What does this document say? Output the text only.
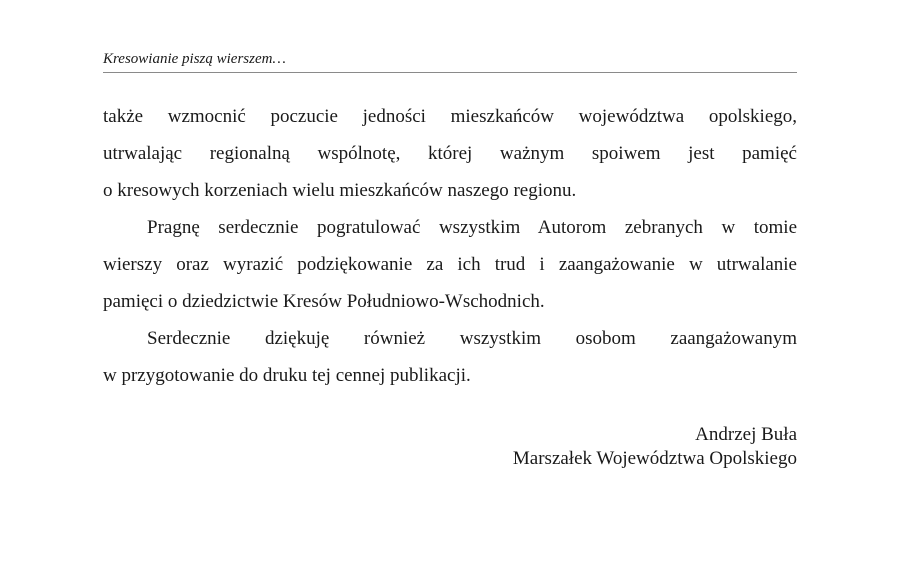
Kresowianie piszą wierszem…
także wzmocnić poczucie jedności mieszkańców województwa opolskiego,
utrwalając regionalną wspólnotę, której ważnym spoiwem jest pamięć
o kresowych korzeniach wielu mieszkańców naszego regionu.
Pragnę serdecznie pogratulować wszystkim Autorom zebranych w tomie
wierszy oraz wyrazić podziękowanie za ich trud i zaangażowanie w utrwalanie
pamięci o dziedzictwie Kresów Południowo-Wschodnich.
Serdecznie dziękuję również wszystkim osobom zaangażowanym
w przygotowanie do druku tej cennej publikacji.
Andrzej Buła
Marszałek Województwa Opolskiego
